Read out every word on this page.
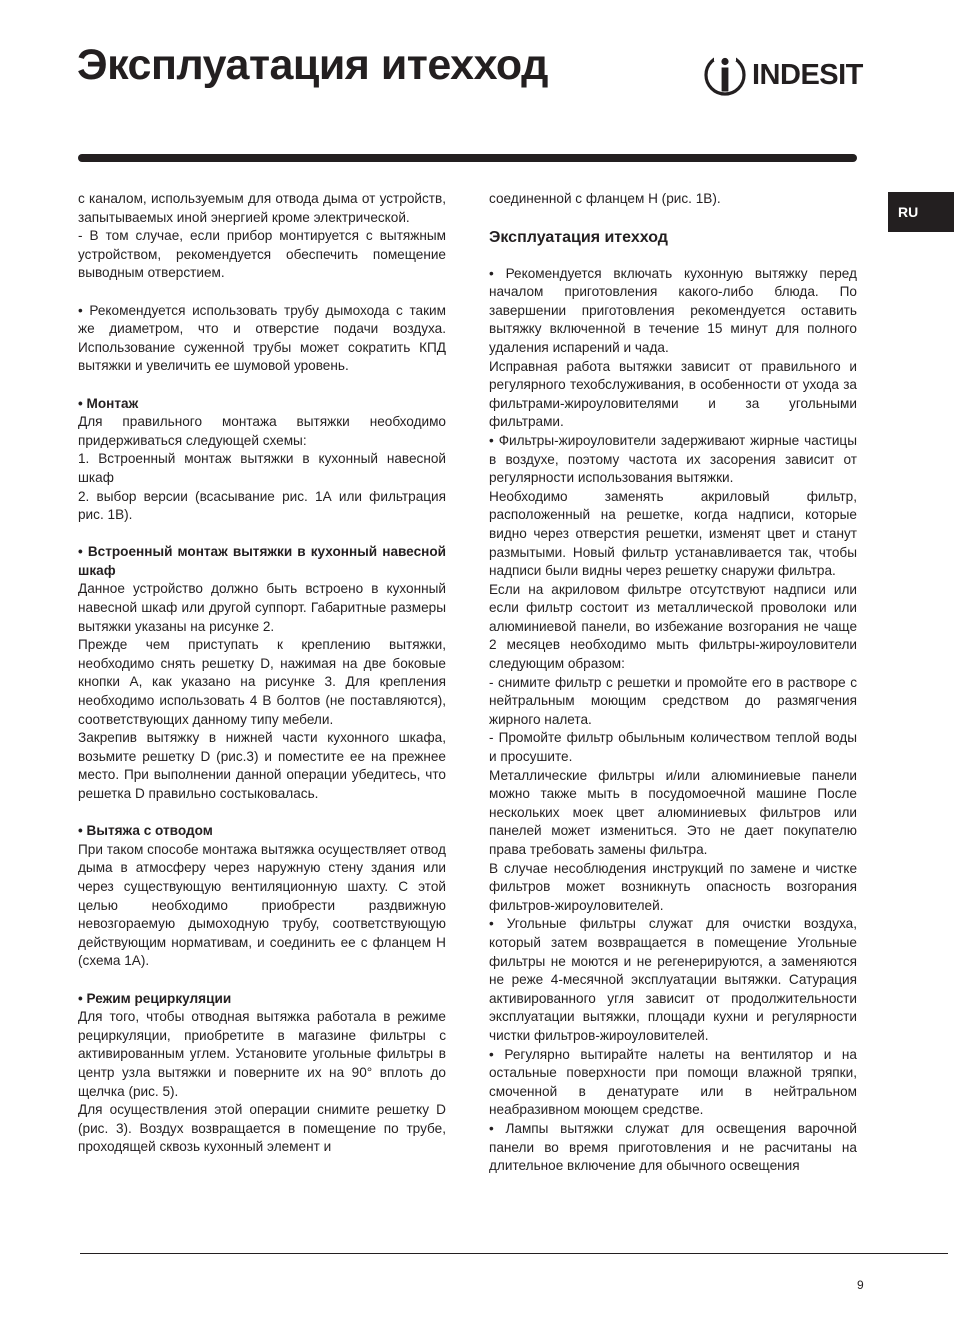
Эксплуатация итехход	INDESIT
RU

с каналом, используемым для отвода дыма от устройств, запытываемых иной энергией кроме электрической.

- В том случае, если прибор монтируется с вытяжным устройством, рекомендуется обеспечить помещение выводным отверстием.

• Рекомендуется использовать трубу дымохода с таким же диаметром, что и отверстие подачи воздуха. Использование суженной трубы может сократить КПД вытяжки и увеличить ее шумовой уровень.

• Монтаж

Для правильного монтажа вытяжки необходимо придерживаться следующей схемы:

1. Встроенный монтаж вытяжки в кухонный навесной шкаф

2. выбор версии (всасывание рис. 1А или фильтрация рис. 1В).

• Встроенный монтаж вытяжки в кухонный навесной шкаф

Данное устройство должно быть встроено в кухонный навесной шкаф или другой суппорт. Габаритные размеры вытяжки указаны на рисунке 2.

Прежде чем приступать к креплению вытяжки, необходимо снять решетку D, нажимая на две боковые кнопки А, как указано на рисунке 3. Для крепления необходимо использовать 4 В болтов (не поставляются), соответствующих данному типу мебели.

Закрепив вытяжку в нижней части кухонного шкафа, возьмите решетку D (рис.3) и поместите ее на прежнее место. При выполнении данной операции убедитесь, что решетка D правильно состыковалась.

• Вытяжа с отводом

При таком способе монтажа вытяжка осуществляет отвод дыма в атмосферу через наружную стену здания или через существующую вентиляционную шахту. С этой целью необходимо приобрести раздвижную невозгораемую дымоходную трубу, соответствующую действующим нормативам, и соединить ее с фланцем Н (схема 1А).

• Режим рециркуляции

Для того, чтобы отводная вытяжка работала в режиме рециркуляции, приобретите в магазине фильтры с активированным углем. Установите угольные фильтры в центр узла вытяжки и поверните их на 90° вплоть до щелчка (рис. 5).

Для осуществления этой операции снимите решетку D (рис. 3). Воздух возвращается в помещение по трубе, проходящей сквозь кухонный элемент и

соединенной с фланцем Н (рис. 1В).

Эксплуатация итехход

• Рекомендуется включать кухонную вытяжку перед началом приготовления какого-либо блюда. По завершении приготовления рекомендуется оставить вытяжку включенной в течение 15 минут для полного удаления испарений и чада.

Исправная работа вытяжки зависит от правильного и регулярного техобслуживания, в особенности от ухода за фильтрами-жироуловителями и за угольными фильтрами.

• Фильтры-жироуловители задерживают жирные частицы в воздухе, поэтому частота их засорения зависит от регулярности использования вытяжки.

Необходимо заменять акриловый фильтр, расположенный на решетке, когда надписи, которые видно через отверстия решетки, изменят цвет и станут размытыми. Новый фильтр устанавливается так, чтобы надписи были видны через решетку снаружи фильтра.

Если на акриловом фильтре отсутствуют надписи или если фильтр состоит из металлической проволоки или алюминиевой панели, во избежание возгорания не чаще 2 месяцев необходимо мыть фильтры-жироуловители следующим образом:

- снимите фильтр с решетки и промойте его в растворе с нейтральным моющим средством до размягчения жирного налета.

- Промойте фильтр обыльным количеством теплой воды и просушите.

Металлические фильтры и/или алюминиевые панели можно также мыть в посудомоечной машине После нескольких моек цвет алюминиевых фильтров или панелей может измениться. Это не дает покупателю права требовать замены фильтра.

В случае несоблюдения инструкций по замене и чистке фильтров может возникнуть опасность возгорания фильтров-жироуловителей.

• Угольные фильтры служат для очистки воздуха, который затем возвращается в помещение Угольные фильтры не моются и не регенерируются, а заменяются не реже 4-месячной эксплуатации вытяжки. Сатурация активированного угля зависит от продолжительности эксплуатации вытяжки, площади кухни и регулярности чистки фильтров-жироуловителей.

• Регулярно вытирайте налеты на вентилятор и на остальные поверхности при помощи влажной тряпки, смоченной в денатурате или в нейтральном неабразивном моющем средстве.

• Лампы вытяжки служат для освещения варочной панели во время приготовления и не расчитаны на длительное включение для обычного освещения

9
